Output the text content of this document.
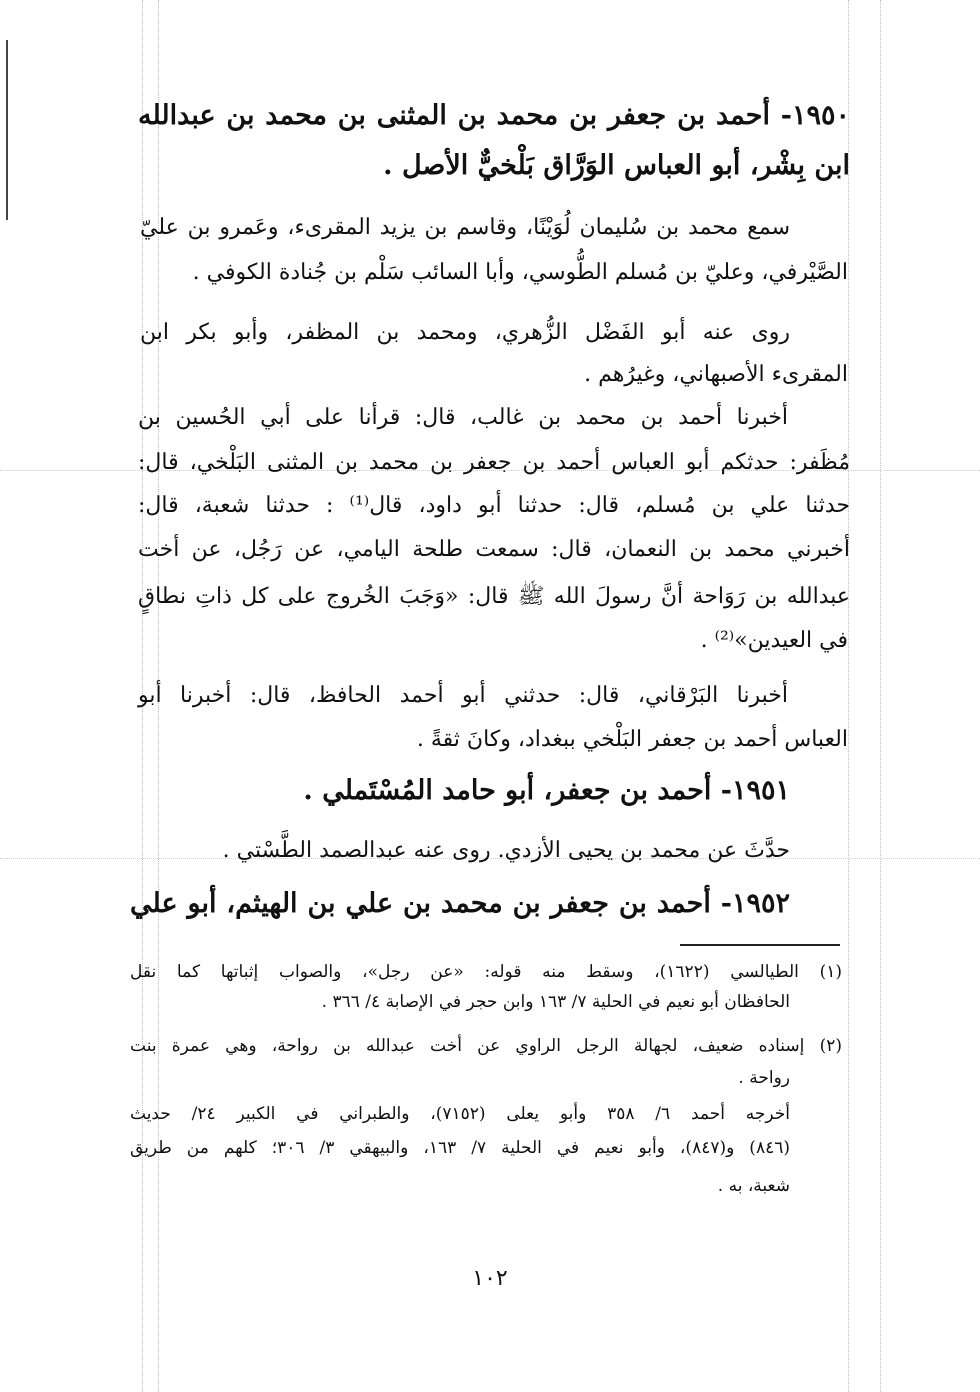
١٩٥٠- أحمد بن جعفر بن محمد بن المثنى بن محمد بن عبدالله
ابن بِشْر، أبو العباس الوَرَّاق بَلْخيٌّ الأصل .
سمع محمد بن سُليمان لُوَيْنًا، وقاسم بن يزيد المقرىء، وعَمرو بن عليّ
الصَّيْرفي، وعليّ بن مُسلم الطُّوسي، وأبا السائب سَلْم بن جُنادة الكوفي .
روى عنه أبو الفَضْل الزُّهري، ومحمد بن المظفر، وأبو بكر ابن
المقرىء الأصبهاني، وغيرُهم .
أخبرنا أحمد بن محمد بن غالب، قال: قرأنا على أبي الحُسين بن
مُظَفر: حدثكم أبو العباس أحمد بن جعفر بن محمد بن المثنى البَلْخي، قال:
حدثنا علي بن مُسلم، قال: حدثنا أبو داود، قال⁽¹⁾ : حدثنا شعبة، قال:
أخبرني محمد بن النعمان، قال: سمعت طلحة اليامي، عن رَجُل، عن أخت
عبدالله بن رَوَاحة أنَّ رسولَ الله ﷺ قال: «وَجَبَ الخُروج على كل ذاتِ نطاقٍ
في العيدين»⁽²⁾ .
أخبرنا البَرْقاني، قال: حدثني أبو أحمد الحافظ، قال: أخبرنا أبو
العباس أحمد بن جعفر البَلْخي ببغداد، وكانَ ثقةً .
١٩٥١- أحمد بن جعفر، أبو حامد المُسْتَملي .
حدَّثَ عن محمد بن يحيى الأزدي. روى عنه عبدالصمد الطَّسْتي .
١٩٥٢- أحمد بن جعفر بن محمد بن علي بن الهيثم، أبو علي
(١) الطيالسي (١٦٢٢)، وسقط منه قوله: «عن رجل»، والصواب إثباتها كما نقل
الحافظان أبو نعيم في الحلية ٧/ ١٦٣ وابن حجر في الإصابة ٤/ ٣٦٦ .
(٢) إسناده ضعيف، لجهالة الرجل الراوي عن أخت عبدالله بن رواحة، وهي عمرة بنت
رواحة .
أخرجه أحمد ٦/ ٣٥٨ وأبو يعلى (٧١٥٢)، والطبراني في الكبير ٢٤/ حديث
(٨٤٦) و(٨٤٧)، وأبو نعيم في الحلية ٧/ ١٦٣، والبيهقي ٣/ ٣٠٦؛ كلهم من طريق
شعبة، به .
١٠٢
